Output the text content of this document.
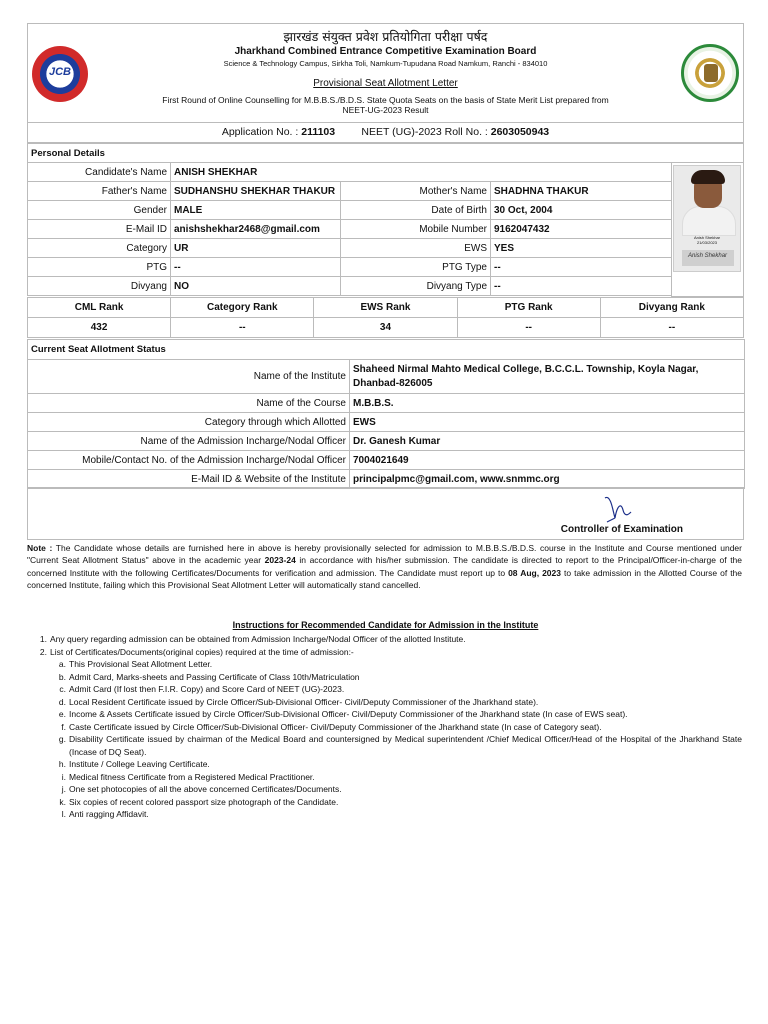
JCB
झारखंड संयुक्त प्रवेश प्रतियोगिता परीक्षा पर्षद
Jharkhand Combined Entrance Competitive Examination Board
Science & Technology Campus, Sirkha Toli, Namkum-Tupudana Road Namkum, Ranchi - 834010
Provisional Seat Allotment Letter
First Round of Online Counselling for M.B.B.S./B.D.S. State Quota Seats on the basis of State Merit List prepared from
NEET-UG-2023 Result
Application No. : 211103	NEET (UG)-2023 Roll No. : 2603050943
Personal Details
Candidate's Name	ANISH SHEKHAR		
Father's Name	SUDHANSHU SHEKHAR THAKUR	Mother's Name	SHADHNA THAKUR
Gender	MALE	Date of Birth	30 Oct, 2004
E-Mail ID	anishshekhar2468@gmail.com	Mobile Number	9162047432
Category	UR	EWS	YES
PTG	--	PTG Type	--
Divyang	NO	Divyang Type	--
Anish Shekhar
21/03/2023
Anish Shekhar
CML Rank	Category Rank	EWS Rank	PTG Rank	Divyang Rank
432	--	34	--	--
Current Seat Allotment Status	
Name of the Institute	Shaheed Nirmal Mahto Medical College, B.C.C.L. Township, Koyla Nagar,
Dhanbad-826005
Name of the Course	M.B.B.S.
Category through which Allotted	EWS
Name of the Admission Incharge/Nodal Officer	Dr. Ganesh Kumar
Mobile/Contact No. of the Admission Incharge/Nodal Officer	7004021649
E-Mail ID & Website of the Institute	principalpmc@gmail.com, www.snmmc.org
Controller of Examination
Note : The Candidate whose details are furnished here in above is hereby provisionally selected for admission to M.B.B.S./B.D.S. course in the Institute and Course mentioned under "Current Seat Allotment Status" above in the academic year 2023-24 in accordance with his/her submission. The candidate is directed to report to the Principal/Officer-in-charge of the concerned Institute with the following Certificates/Documents for verification and admission. The Candidate must report up to 08 Aug, 2023 to take admission in the Allotted Course of the concerned Institute, failing which this Provisional Seat Allotment Letter will automatically stand cancelled.
Instructions for Recommended Candidate for Admission in the Institute
1. Any query regarding admission can be obtained from Admission Incharge/Nodal Officer of the allotted Institute.
2. List of Certificates/Documents(original copies) required at the time of admission:-
a. This Provisional Seat Allotment Letter.
b. Admit Card, Marks-sheets and Passing Certificate of Class 10th/Matriculation
c. Admit Card (If lost then F.I.R. Copy) and Score Card of NEET (UG)-2023.
d. Local Resident Certificate issued by Circle Officer/Sub-Divisional Officer- Civil/Deputy Commissioner of the Jharkhand state).
e. Income & Assets Certificate issued by Circle Officer/Sub-Divisional Officer- Civil/Deputy Commissioner of the Jharkhand state (In case of EWS seat).
f. Caste Certificate issued by Circle Officer/Sub-Divisional Officer- Civil/Deputy Commissioner of the Jharkhand state (In case of Category seat).
g. Disability Certificate issued by chairman of the Medical Board and countersigned by Medical superintendent /Chief Medical Officer/Head of the Hospital of the Jharkhand State (Incase of DQ Seat).
h. Institute / College Leaving Certificate.
i. Medical fitness Certificate from a Registered Medical Practitioner.
j. One set photocopies of all the above concerned Certificates/Documents.
k. Six copies of recent colored passport size photograph of the Candidate.
l. Anti ragging Affidavit.
